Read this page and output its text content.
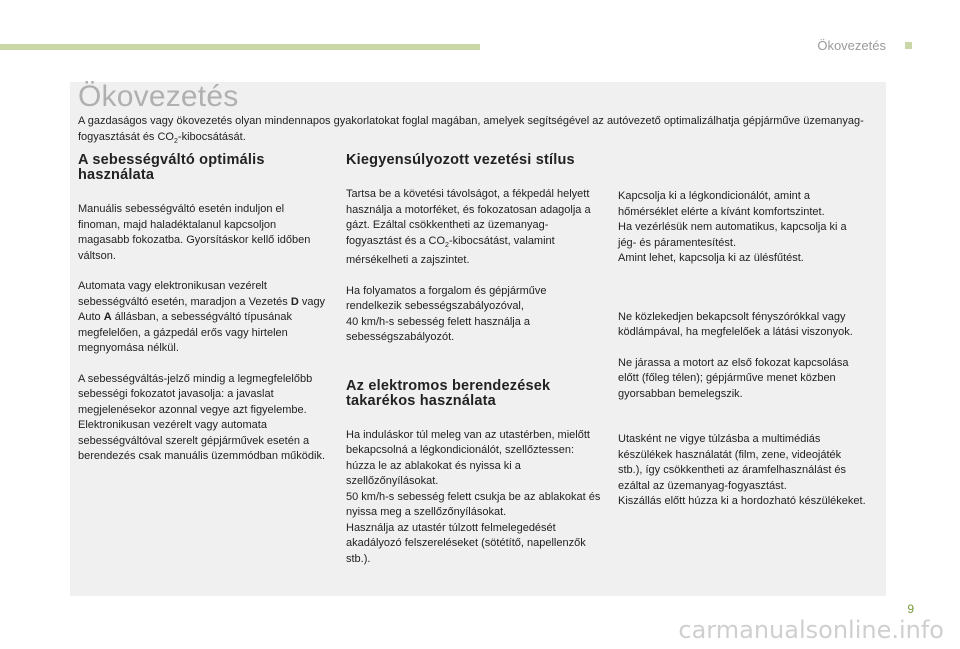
Ökovezetés
Ökovezetés
A gazdaságos vagy ökovezetés olyan mindennapos gyakorlatokat foglal magában, amelyek segítségével az autóvezető optimalizálhatja gépjárműve üzemanyag-fogyasztását és $CO_2$-kibocsátását.
A sebességváltó optimális használata

Manuális sebességváltó esetén induljon el finoman, majd haladéktalanul kapcsoljon magasabb fokozatba. Gyorsításkor kellő időben váltson.

Automata vagy elektronikusan vezérelt sebességváltó esetén, maradjon a Vezetés D vagy Auto A állásban, a sebességváltó típusának megfelelően, a gázpedál erős vagy hirtelen megnyomása nélkül.

A sebességváltás-jelző mindig a legmegfelelőbb sebességi fokozatot javasolja: a javaslat megjelenésekor azonnal vegye azt figyelembe.

Elektronikusan vezérelt vagy automata sebességváltóval szerelt gépjárművek esetén a berendezés csak manuális üzemmódban működik.

Kiegyensúlyozott vezetési stílus

Tartsa be a követési távolságot, a fékpedál helyett használja a motorféket, és fokozatosan adagolja a gázt. Ezáltal csökkentheti az üzemanyag-fogyasztást és a $CO_2$-kibocsátást, valamint mérsékelheti a zajszintet.

Ha folyamatos a forgalom és gépjárműve rendelkezik sebességszabályozóval,

40 km/h-s sebesség felett használja a sebességszabályozót.

Az elektromos berendezések takarékos használata

Ha induláskor túl meleg van az utastérben, mielőtt bekapcsolná a légkondicionálót, szellőztessen: húzza le az ablakokat és nyissa ki a szellőzőnyílásokat.

50 km/h-s sebesség felett csukja be az ablakokat és nyissa meg a szellőzőnyílásokat.

Használja az utastér túlzott felmelegedését akadályozó felszereléseket (sötétítő, napellenzők stb.).

Kapcsolja ki a légkondicionálót, amint a hőmérséklet elérte a kívánt komfortszintet.

Ha vezérlésük nem automatikus, kapcsolja ki a jég- és páramentesítést.

Amint lehet, kapcsolja ki az ülésfűtést.

Ne közlekedjen bekapcsolt fényszórókkal vagy ködlámpával, ha megfelelőek a látási viszonyok.

Ne járassa a motort az első fokozat kapcsolása előtt (főleg télen); gépjárműve menet közben gyorsabban bemelegszik.

Utasként ne vigye túlzásba a multimédiás készülékek használatát (film, zene, videojáték stb.), így csökkentheti az áramfelhasználást és ezáltal az üzemanyag-fogyasztást.

Kiszállás előtt húzza ki a hordozható készülékeket.

9
carmanualsonline.info
